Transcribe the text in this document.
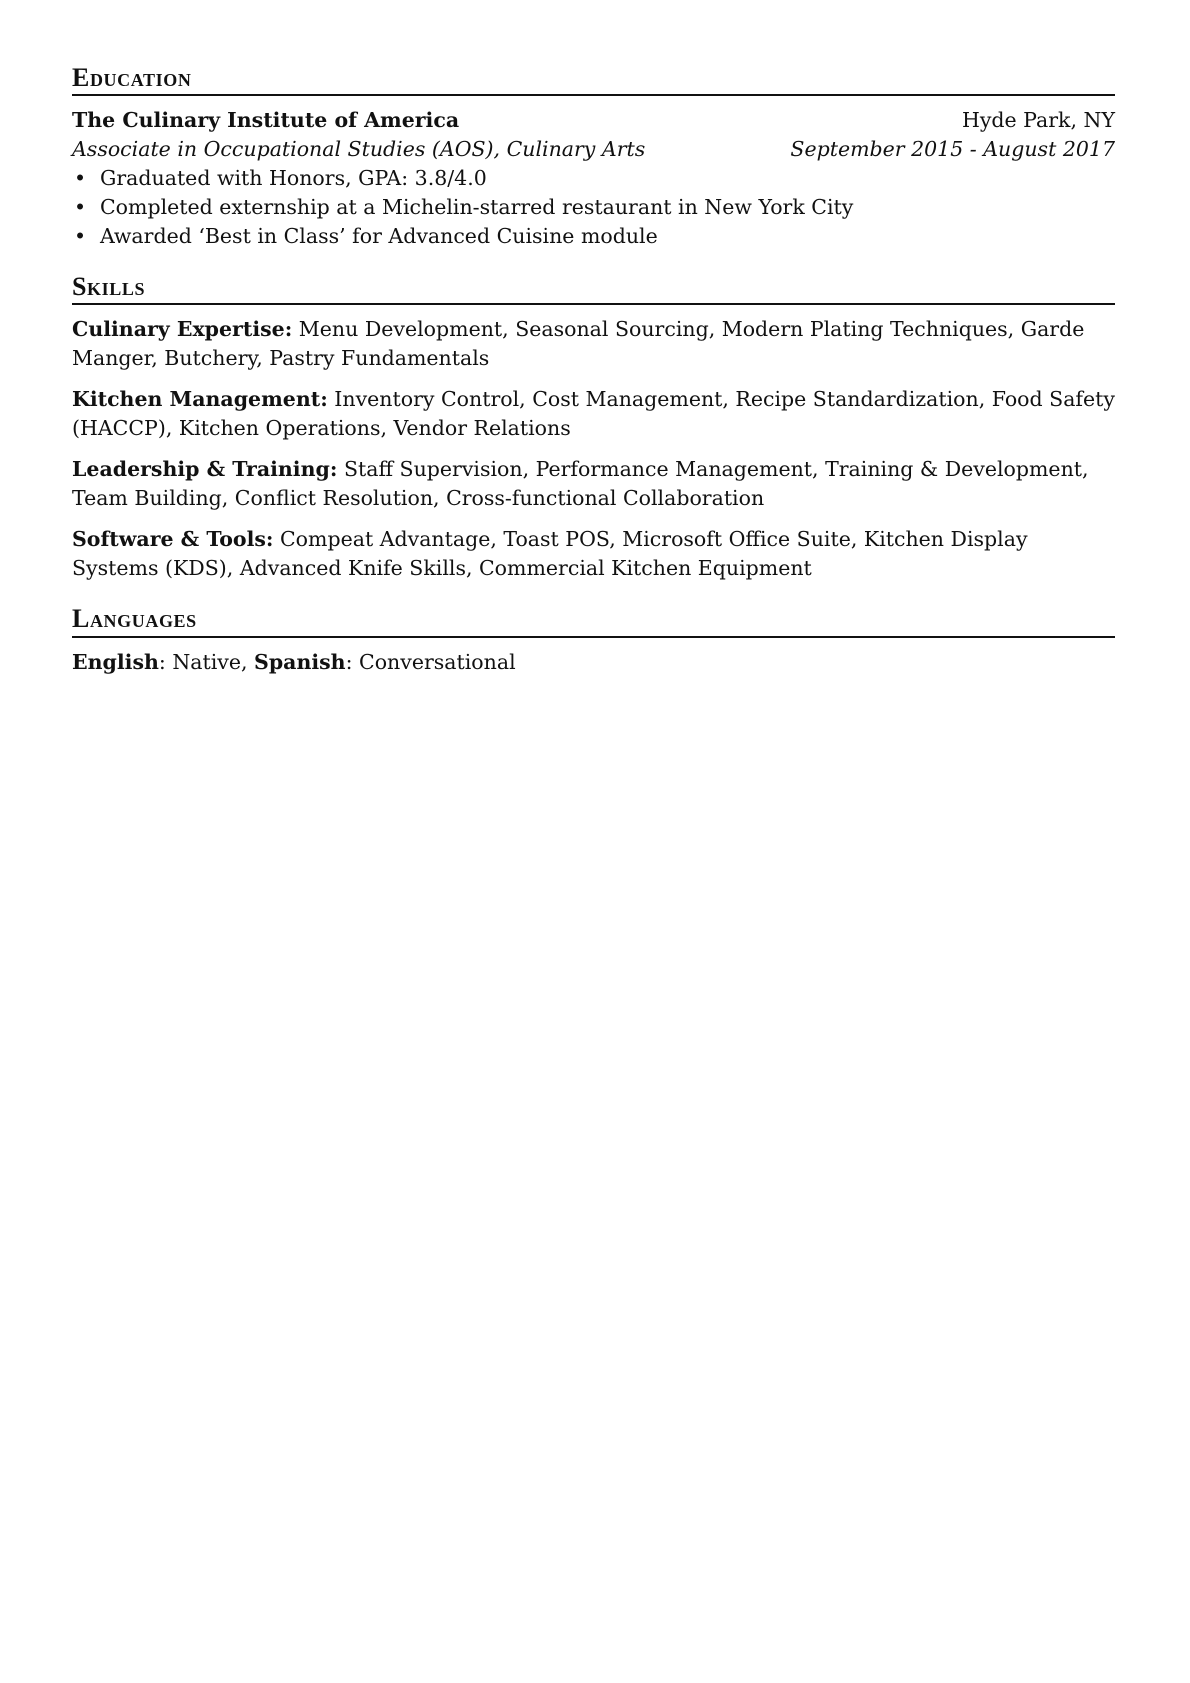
Education
The Culinary Institute of America	Hyde Park, NY
Associate in Occupational Studies (AOS), Culinary Arts	September 2015 - August 2017
• Graduated with Honors, GPA: 3.8/4.0
• Completed externship at a Michelin-starred restaurant in New York City
• Awarded ‘Best in Class’ for Advanced Cuisine module
Skills
Culinary Expertise: Menu Development, Seasonal Sourcing, Modern Plating Techniques, Garde Manger, Butchery, Pastry Fundamentals
Kitchen Management: Inventory Control, Cost Management, Recipe Standardization, Food Safety (HACCP), Kitchen Operations, Vendor Relations
Leadership & Training: Staff Supervision, Performance Management, Training & Development, Team Building, Conflict Resolution, Cross-functional Collaboration
Software & Tools: Compeat Advantage, Toast POS, Microsoft Office Suite, Kitchen Display Systems (KDS), Advanced Knife Skills, Commercial Kitchen Equipment
Languages
English: Native, Spanish: Conversational
